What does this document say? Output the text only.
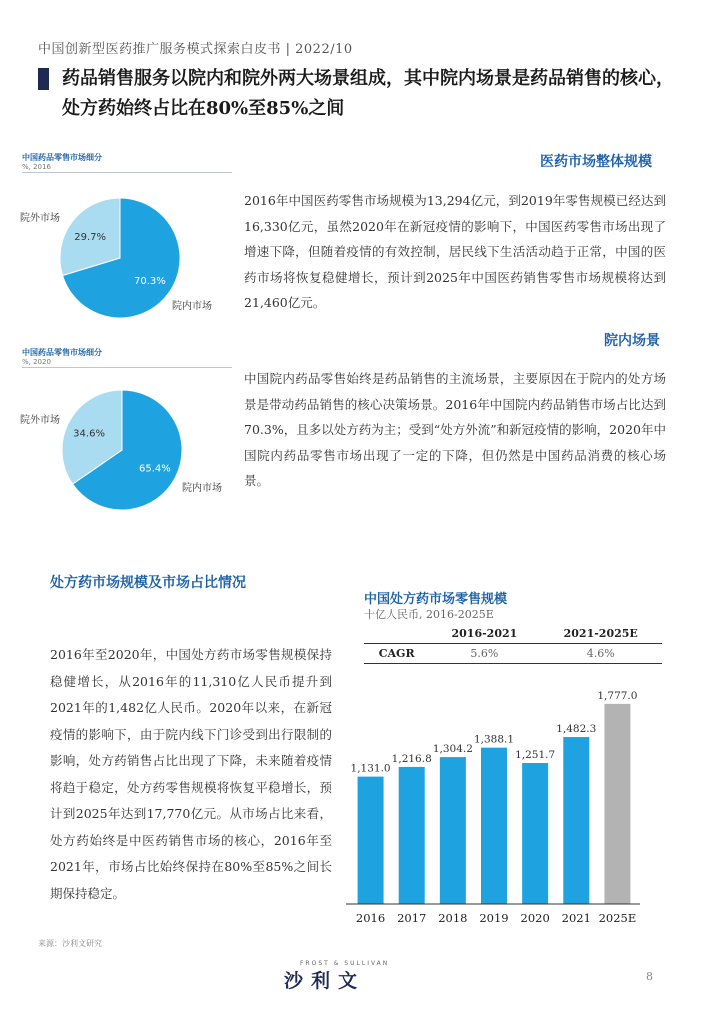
中国创新型医药推广服务模式探索白皮书 | 2022/10
药品销售服务以院内和院外两大场景组成，其中院内场景是药品销售的核心，处方药始终占比在80%至85%之间
中国药品零售市场细分
%, 2016
70.3%
29.7%
院外市场
院内市场
中国药品零售市场细分
%, 2020
65.4%
34.6%
院外市场
院内市场
医药市场整体规模
2016年中国医药零售市场规模为13,294亿元，到2019年零售规模已经达到16,330亿元，虽然2020年在新冠疫情的影响下，中国医药零售市场出现了增速下降，但随着疫情的有效控制，居民线下生活活动趋于正常，中国的医药市场将恢复稳健增长，预计到2025年中国医药销售零售市场规模将达到21,460亿元。
院内场景
中国院内药品零售始终是药品销售的主流场景，主要原因在于院内的处方场景是带动药品销售的核心决策场景。2016年中国院内药品销售市场占比达到70.3%，且多以处方药为主；受到“处方外流”和新冠疫情的影响，2020年中国院内药品零售市场出现了一定的下降，但仍然是中国药品消费的核心场景。
处方药市场规模及市场占比情况
2016年至2020年，中国处方药市场零售规模保持稳健增长，从2016年的11,310亿人民币提升到2021年的1,482亿人民币。2020年以来，在新冠疫情的影响下，由于院内线下门诊受到出行限制的影响，处方药销售占比出现了下降，未来随着疫情将趋于稳定，处方药零售规模将恢复平稳增长，预计到2025年达到17,770亿元。从市场占比来看，处方药始终是中医药销售市场的核心，2016年至2021年，市场占比始终保持在80%至85%之间长期保持稳定。
中国处方药市场零售规模
十亿人民币, 2016-2025E
	2016-2021	2021-2025E
CAGR	5.6%	4.6%
1,131.0
2016
1,216.8
2017
1,304.2
2018
1,388.1
2019
1,251.7
2020
1,482.3
2021
1,777.0
2025E
来源：沙利文研究
FROST & SULLIVAN
沙利文	8
